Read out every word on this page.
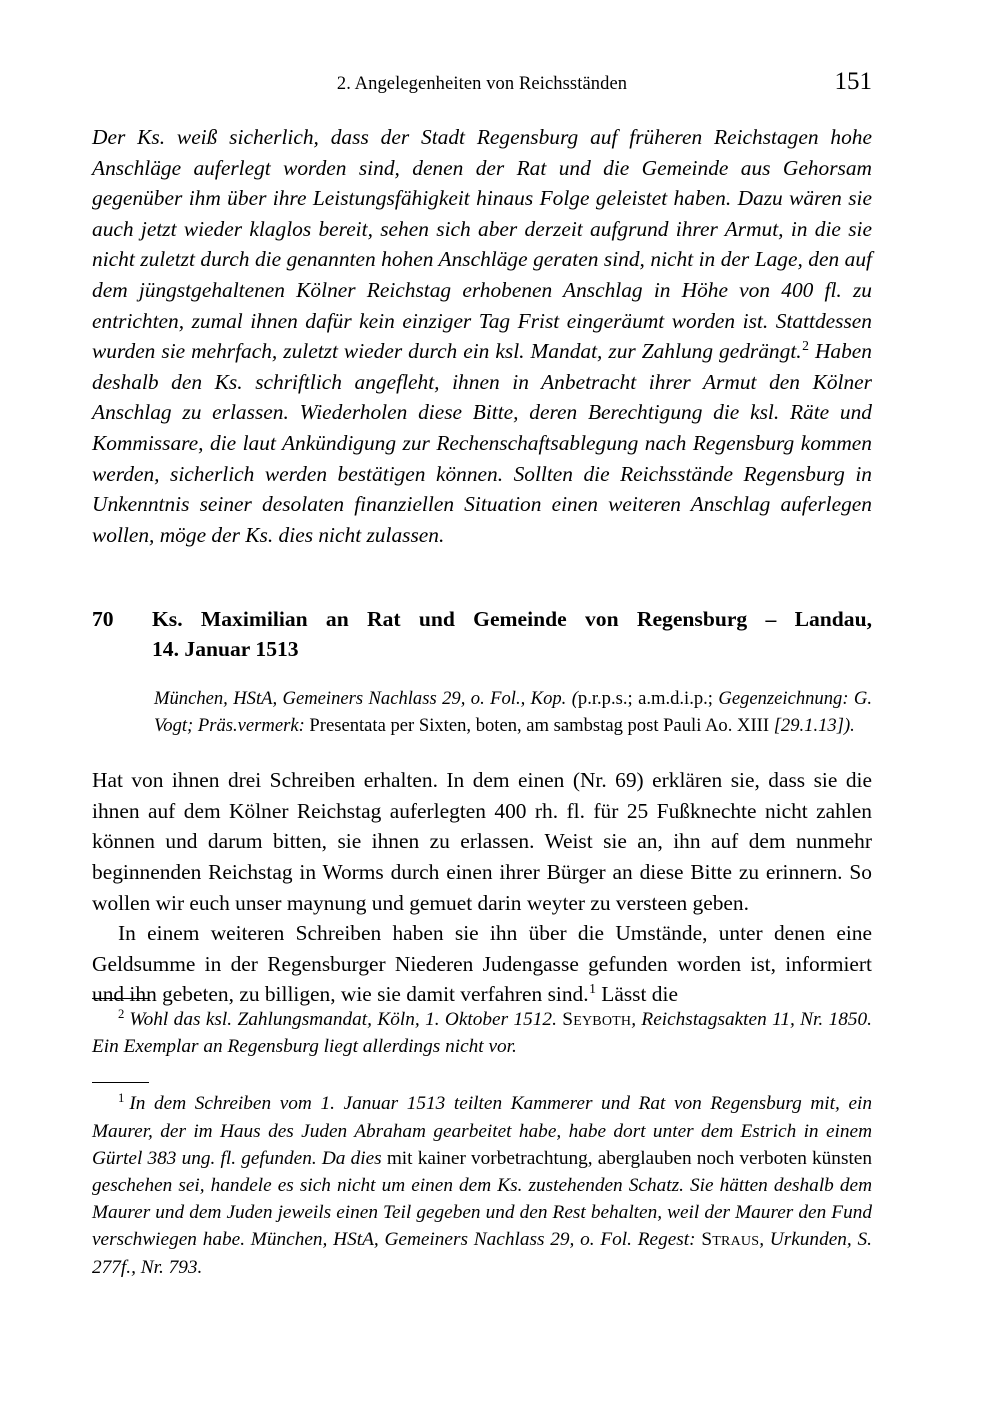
2. Angelegenheiten von Reichsständen	151

Der Ks. weiß sicherlich, dass der Stadt Regensburg auf früheren Reichstagen hohe Anschläge auferlegt worden sind, denen der Rat und die Gemeinde aus Gehorsam gegenüber ihm über ihre Leistungsfähigkeit hinaus Folge geleistet haben. Dazu wären sie auch jetzt wieder klaglos bereit, sehen sich aber derzeit aufgrund ihrer Armut, in die sie nicht zuletzt durch die genannten hohen Anschläge geraten sind, nicht in der Lage, den auf dem jüngstgehaltenen Kölner Reichstag erhobenen Anschlag in Höhe von 400 fl. zu entrichten, zumal ihnen dafür kein einziger Tag Frist eingeräumt worden ist. Stattdessen wurden sie mehrfach, zuletzt wieder durch ein ksl. Mandat, zur Zahlung gedrängt.$^2$ Haben deshalb den Ks. schriftlich angefleht, ihnen in Anbetracht ihrer Armut den Kölner Anschlag zu erlassen. Wiederholen diese Bitte, deren Berechtigung die ksl. Räte und Kommissare, die laut Ankündigung zur Rechenschaftsablegung nach Regensburg kommen werden, sicherlich werden bestätigen können. Sollten die Reichsstände Regensburg in Unkenntnis seiner desolaten finanziellen Situation einen weiteren Anschlag auferlegen wollen, möge der Ks. dies nicht zulassen.

70 Ks. Maximilian an Rat und Gemeinde von Regensburg – Landau,
14. Januar 1513
München, HStA, Gemeiners Nachlass 29, o. Fol., Kop. (p.r.p.s.; a.m.d.i.p.; Gegenzeichnung: G. Vogt; Präs.vermerk: Presentata per Sixten, boten, am sambstag post Pauli Ao. XIII [29.1.13]).

Hat von ihnen drei Schreiben erhalten. In dem einen (Nr. 69) erklären sie, dass sie die ihnen auf dem Kölner Reichstag auferlegten 400 rh. fl. für 25 Fußknechte nicht zahlen können und darum bitten, sie ihnen zu erlassen. Weist sie an, ihn auf dem nunmehr beginnenden Reichstag in Worms durch einen ihrer Bürger an diese Bitte zu erinnern. So wollen wir euch unser maynung und gemuet darin weyter zu versteen geben.

In einem weiteren Schreiben haben sie ihn über die Umstände, unter denen eine Geldsumme in der Regensburger Niederen Judengasse gefunden worden ist, informiert und ihn gebeten, zu billigen, wie sie damit verfahren sind.$^1$ Lässt die

$^2$ Wohl das ksl. Zahlungsmandat, Köln, 1. Oktober 1512. Seyboth, Reichstagsakten 11, Nr. 1850. Ein Exemplar an Regensburg liegt allerdings nicht vor.

$^1$ In dem Schreiben vom 1. Januar 1513 teilten Kammerer und Rat von Regensburg mit, ein Maurer, der im Haus des Juden Abraham gearbeitet habe, habe dort unter dem Estrich in einem Gürtel 383 ung. fl. gefunden. Da dies mit kainer vorbetrachtung, aberglauben noch verboten künsten geschehen sei, handele es sich nicht um einen dem Ks. zustehenden Schatz. Sie hätten deshalb dem Maurer und dem Juden jeweils einen Teil gegeben und den Rest behalten, weil der Maurer den Fund verschwiegen habe. München, HStA, Gemeiners Nachlass 29, o. Fol. Regest: Straus, Urkunden, S. 277f., Nr. 793.
